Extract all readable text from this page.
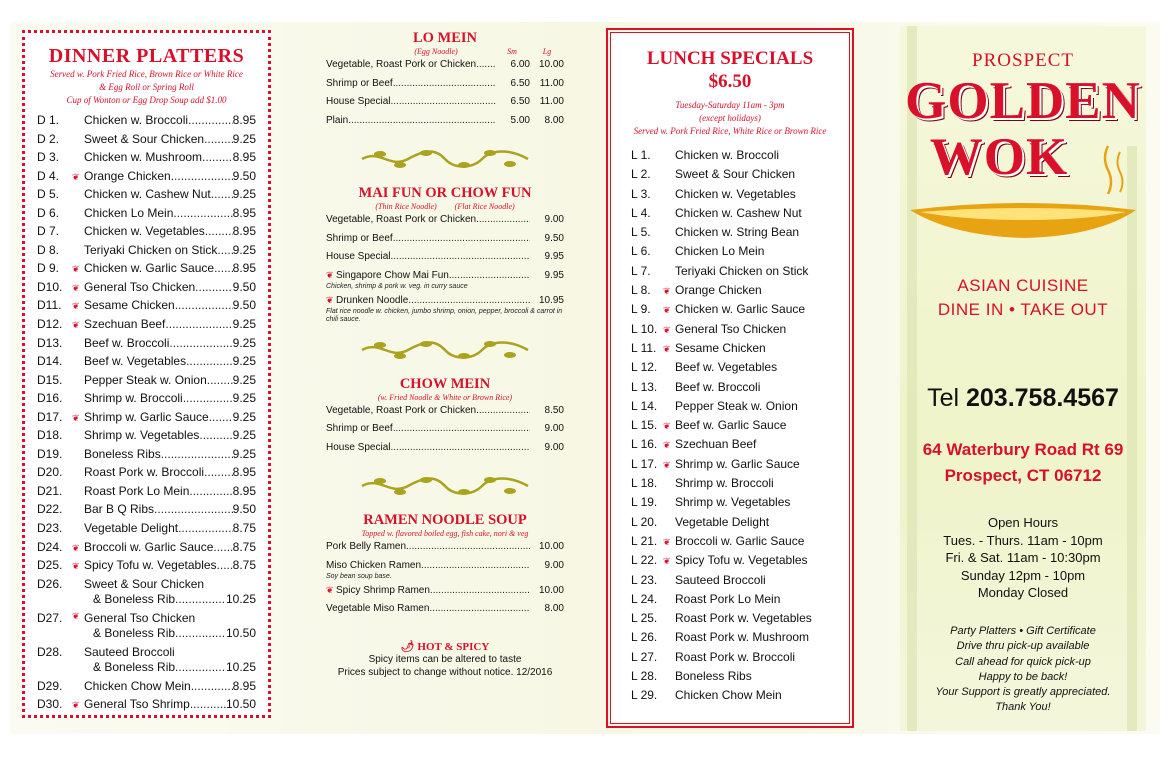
DINNER PLATTERS
Served w. Pork Fried Rice, Brown Rice or White Rice
& Egg Roll or Spring Roll
Cup of Wonton or Egg Drop Soup add $1.00
D 1.	Chicken w. Broccoli .....	8.95
D 2.	Sweet & Sour Chicken ..... 9.25
D 3.	Chicken w. Mushroom .....	8.95
D 4.	❦ Orange Chicken .....	9.50
D 5.	Chicken w. Cashew Nut ..... 9.25
D 6.	Chicken Lo Mein .....	8.95
D 7.	Chicken w. Vegetables ..... 8.95
D 8.	Teriyaki Chicken on Stick ..... 9.25
D 9.	❦ Chicken w. Garlic Sauce ..... 8.95
D10.	❦ General Tso Chicken .....	9.50
D11.	❦ Sesame Chicken .....	9.50
D12.	❦ Szechuan Beef .....	9.25
D13.	Beef w. Broccoli .....	9.25
D14.	Beef w. Vegetables .....	9.25
D15.	Pepper Steak w. Onion ..... 9.25
D16.	Shrimp w. Broccoli .....	9.25
D17.	❦ Shrimp w. Garlic Sauce ..... 9.25
D18.	Shrimp w. Vegetables .....	9.25
D19.	Boneless Ribs .....	9.25
D20.	Roast Pork w. Broccoli ..... 8.95
D21.	Roast Pork Lo Mein .....	8.95
D22.	Bar B Q Ribs .....	9.50
D23.	Vegetable Delight .....	8.75
D24.	❦ Broccoli w. Garlic Sauce ..... 8.75
D25.	❦ Spicy Tofu w. Vegetables ..... 8.75
D26.	Sweet & Sour Chicken
& Boneless Rib .....	10.25
D27.	❦ General Tso Chicken
& Boneless Rib .....	10.50
D28.	Sauteed Broccoli
& Boneless Rib .....	10.25
D29.	Chicken Chow Mein .....	8.95
D30.	❦ General Tso Shrimp .....	10.50
LO MEIN
(Egg Noodle)	Sm	Lg
Vegetable, Roast Pork or Chicken .....	6.00 10.00
Shrimp or Beef .....	6.50 11.00
House Special .....	6.50 11.00
Plain .....	5.00	8.00
MAI FUN OR CHOW FUN
(Thin Rice Noodle) (Flat Rice Noodle)
Vegetable, Roast Pork or Chicken .....	9.00
Shrimp or Beef .....	9.50
House Special .....	9.95
❦ Singapore Chow Mai Fun .....	9.95
Chicken, shrimp & pork w. veg. in curry sauce
❦ Drunken Noodle .....	10.95
Flat rice noodle w. chicken, jumbo shrimp, onion, pepper, broccoli & carrot in chili sauce.
CHOW MEIN
(w. Fried Noodle & White or Brown Rice)
Vegetable, Roast Pork or Chicken .....	8.50
Shrimp or Beef .....	9.00
House Special .....	9.00
RAMEN NOODLE SOUP
Topped w. flavored boiled egg, fish cake, nori & veg
Pork Belly Ramen .....	10.00
Miso Chicken Ramen .....	9.00
Soy bean soup base.
❦ Spicy Shrimp Ramen .....	10.00
Vegetable Miso Ramen .....	8.00
🌶︎ HOT & SPICY
Spicy items can be altered to taste
Prices subject to change without notice. 12/2016
LUNCH SPECIALS
$6.50
Tuesday-Saturday 11am - 3pm
(except holidays)
Served w. Pork Fried Rice, White Rice or Brown Rice
L 1.	Chicken w. Broccoli
L 2.	Sweet & Sour Chicken
L 3.	Chicken w. Vegetables
L 4.	Chicken w. Cashew Nut
L 5.	Chicken w. String Bean
L 6.	Chicken Lo Mein
L 7.	Teriyaki Chicken on Stick
L 8.	❦ Orange Chicken
L 9.	❦ Chicken w. Garlic Sauce
L 10. ❦ General Tso Chicken
L 11. ❦ Sesame Chicken
L 12.	Beef w. Vegetables
L 13.	Beef w. Broccoli
L 14.	Pepper Steak w. Onion
L 15. ❦ Beef w. Garlic Sauce
L 16. ❦ Szechuan Beef
L 17. ❦ Shrimp w. Garlic Sauce
L 18.	Shrimp w. Broccoli
L 19.	Shrimp w. Vegetables
L 20.	Vegetable Delight
L 21. ❦ Broccoli w. Garlic Sauce
L 22. ❦ Spicy Tofu w. Vegetables
L 23.	Sauteed Broccoli
L 24.	Roast Pork Lo Mein
L 25.	Roast Pork w. Vegetables
L 26.	Roast Pork w. Mushroom
L 27.	Roast Pork w. Broccoli
L 28.	Boneless Ribs
L 29.	Chicken Chow Mein
PROSPECT
GOLDEN
WOK
ASIAN CUISINE
DINE IN • TAKE OUT
Tel 203.758.4567
64 Waterbury Road Rt 69
Prospect, CT 06712
Open Hours
Tues. - Thurs. 11am - 10pm
Fri. & Sat. 11am - 10:30pm
Sunday 12pm - 10pm
Monday Closed
Party Platters • Gift Certificate
Drive thru pick-up available
Call ahead for quick pick-up
Happy to be back!
Your Support is greatly appreciated.
Thank You!
